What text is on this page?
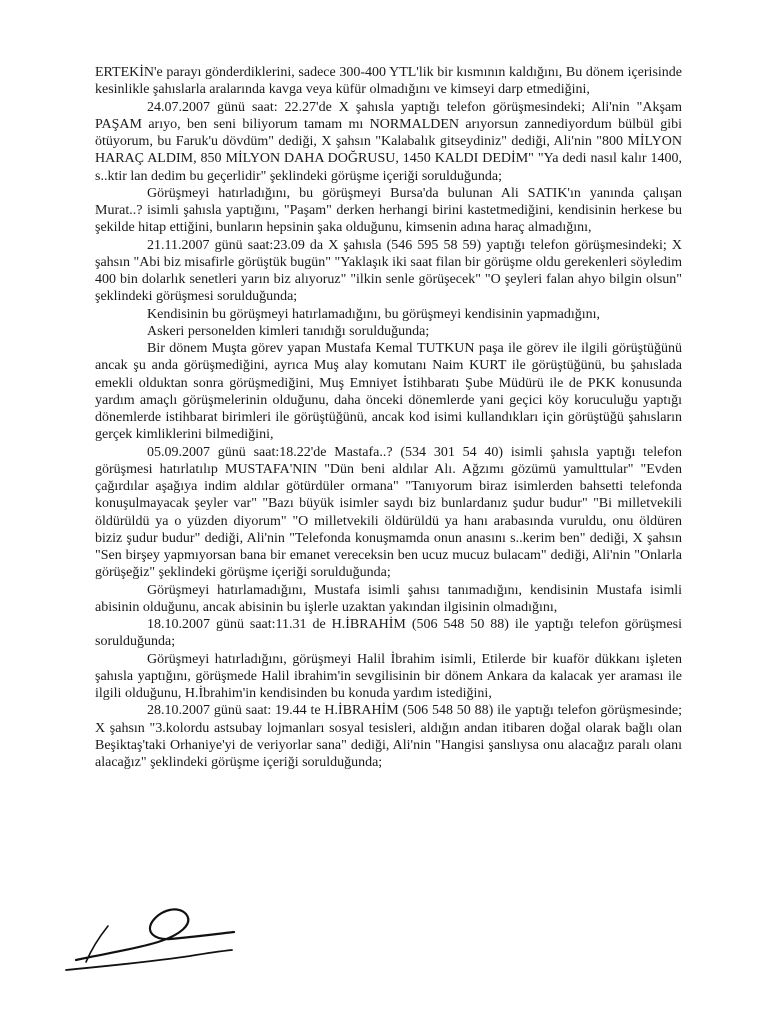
ERTEKİN'e parayı gönderdiklerini, sadece 300-400 YTL'lik bir kısmının kaldığını, Bu dönem içerisinde kesinlikle şahıslarla aralarında kavga veya küfür olmadığını ve kimseyi darp etmediğini,

24.07.2007 günü saat: 22.27'de X şahısla yaptığı telefon görüşmesindeki; Ali'nin "Akşam PAŞAM arıyo, ben seni biliyorum tamam mı NORMALDEN arıyorsun zannediyordum bülbül gibi ötüyorum, bu Faruk'u dövdüm" dediği, X şahsın "Kalabalık gitseydiniz" dediği, Ali'nin "800 MİLYON HARAÇ ALDIM, 850 MİLYON DAHA DOĞRUSU, 1450 KALDI DEDİM" "Ya dedi nasıl kalır 1400, s..ktir lan dedim bu geçerlidir" şeklindeki görüşme içeriği sorulduğunda;

Görüşmeyi hatırladığını, bu görüşmeyi Bursa'da bulunan Ali SATIK'ın yanında çalışan Murat..? isimli şahısla yaptığını, "Paşam" derken herhangi birini kastetmediğini, kendisinin herkese bu şekilde hitap ettiğini, bunların hepsinin şaka olduğunu, kimsenin adına haraç almadığını,

21.11.2007 günü saat:23.09 da X şahısla (546 595 58 59) yaptığı telefon görüşmesindeki; X şahsın "Abi biz misafirle görüştük bugün" "Yaklaşık iki saat filan bir görüşme oldu gerekenleri söyledim 400 bin dolarlık senetleri yarın biz alıyoruz" "ilkin senle görüşecek" "O şeyleri falan ahyo bilgin olsun" şeklindeki görüşmesi sorulduğunda;

Kendisinin bu görüşmeyi hatırlamadığını, bu görüşmeyi kendisinin yapmadığını,

Askeri personelden kimleri tanıdığı sorulduğunda;

Bir dönem Muşta görev yapan Mustafa Kemal TUTKUN paşa ile görev ile ilgili görüştüğünü ancak şu anda görüşmediğini, ayrıca Muş alay komutanı Naim KURT ile görüştüğünü, bu şahıslada emekli olduktan sonra görüşmediğini, Muş Emniyet İstihbaratı Şube Müdürü ile de PKK konusunda yardım amaçlı görüşmelerinin olduğunu, daha önceki dönemlerde yani geçici köy koruculuğu yaptığı dönemlerde istihbarat birimleri ile görüştüğünü, ancak kod isimi kullandıkları için görüştüğü şahısların gerçek kimliklerini bilmediğini,

05.09.2007 günü saat:18.22'de Mastafa..? (534 301 54 40) isimli şahısla yaptığı telefon görüşmesi hatırlatılıp MUSTAFA'NIN "Dün beni aldılar Alı. Ağzımı gözümü yamulttular" "Evden çağırdılar aşağıya indim aldılar götürdüler ormana" "Tanıyorum biraz isimlerden bahsetti telefonda konuşulmayacak şeyler var" "Bazı büyük isimler saydı biz bunlardanız şudur budur" "Bi milletvekili öldürüldü ya o yüzden diyorum" "O milletvekili öldürüldü ya hanı arabasında vuruldu, onu öldüren biziz şudur budur" dediği, Ali'nin "Telefonda konuşmamda onun anasını s..kerim ben" dediği, X şahsın "Sen birşey yapmıyorsan bana bir emanet vereceksin ben ucuz mucuz bulacam" dediği, Ali'nin "Onlarla görüşeğiz" şeklindeki görüşme içeriği sorulduğunda;

Görüşmeyi hatırlamadığını, Mustafa isimli şahısı tanımadığını, kendisinin Mustafa isimli abisinin olduğunu, ancak abisinin bu işlerle uzaktan yakından ilgisinin olmadığını,

18.10.2007 günü saat:11.31 de H.İBRAHİM (506 548 50 88) ile yaptığı telefon görüşmesi sorulduğunda;

Görüşmeyi hatırladığını, görüşmeyi Halil İbrahim isimli, Etilerde bir kuaför dükkanı işleten şahısla yaptığını, görüşmede Halil ibrahim'in sevgilisinin bir dönem Ankara da kalacak yer araması ile ilgili olduğunu, H.İbrahim'in kendisinden bu konuda yardım istediğini,

28.10.2007 günü saat: 19.44 te H.İBRAHİM (506 548 50 88) ile yaptığı telefon görüşmesinde; X şahsın "3.kolordu astsubay lojmanları sosyal tesisleri, aldığın andan itibaren doğal olarak bağlı olan Beşiktaş'taki Orhaniye'yi de veriyorlar sana" dediği, Ali'nin "Hangisi şanslıysa onu alacağız paralı olanı alacağız" şeklindeki görüşme içeriği sorulduğunda;
